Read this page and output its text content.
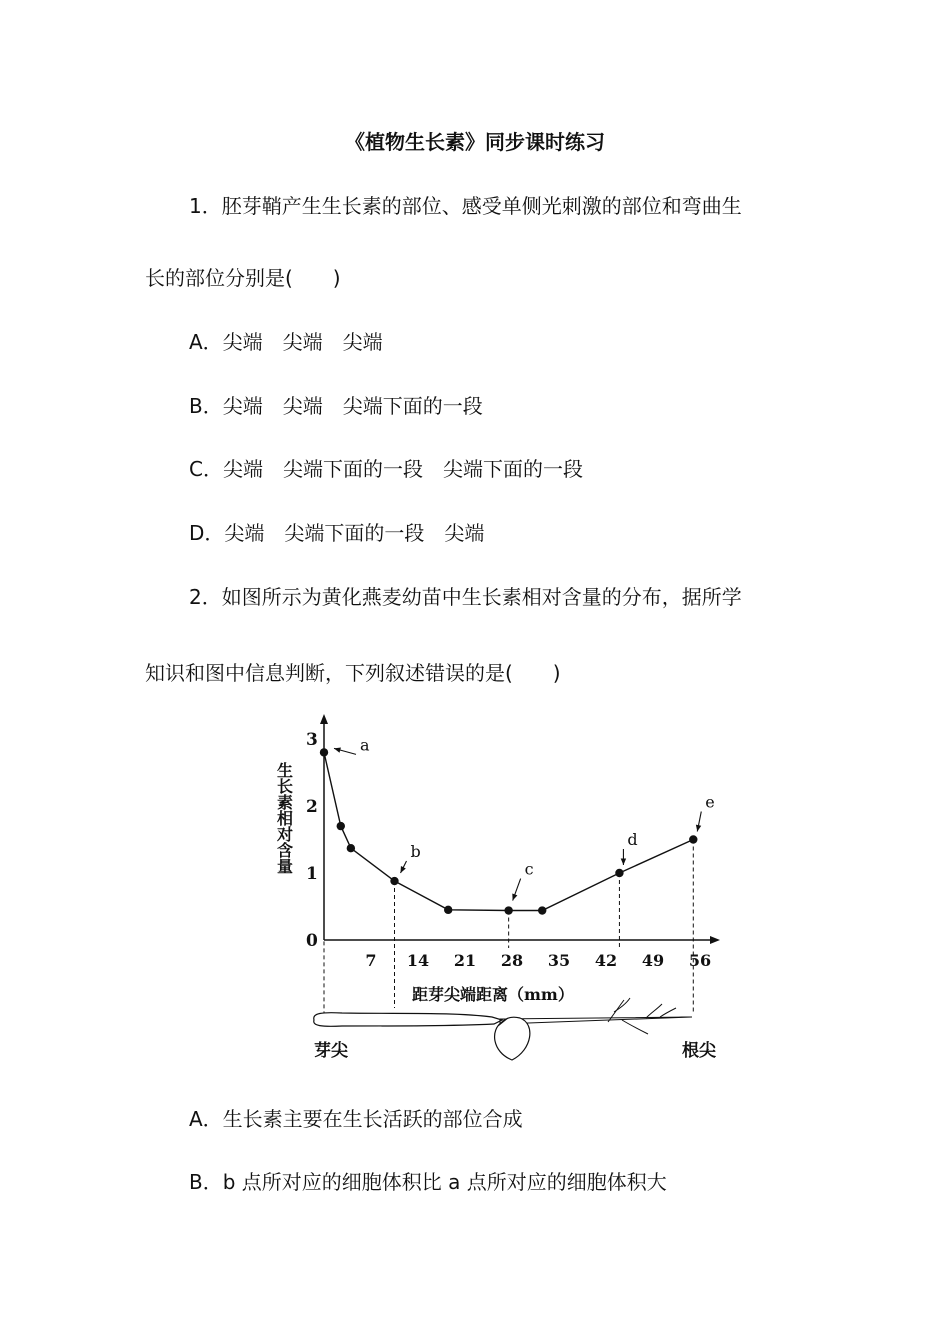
《植物生长素》同步课时练习
1．胚芽鞘产生生长素的部位、感受单侧光刺激的部位和弯曲生
长的部位分别是(　　)
A．尖端　尖端　尖端
B．尖端　尖端　尖端下面的一段
C．尖端　尖端下面的一段　尖端下面的一段
D．尖端　尖端下面的一段　尖端
2．如图所示为黄化燕麦幼苗中生长素相对含量的分布，据所学
知识和图中信息判断，下列叙述错误的是(　　)
生长素相对含量
0
1
2
3
7 14 21 28 35 42 49 56
a
b
c
d
e
距芽尖端距离（mm）
芽尖	根尖
A．生长素主要在生长活跃的部位合成
B．b 点所对应的细胞体积比 a 点所对应的细胞体积大
